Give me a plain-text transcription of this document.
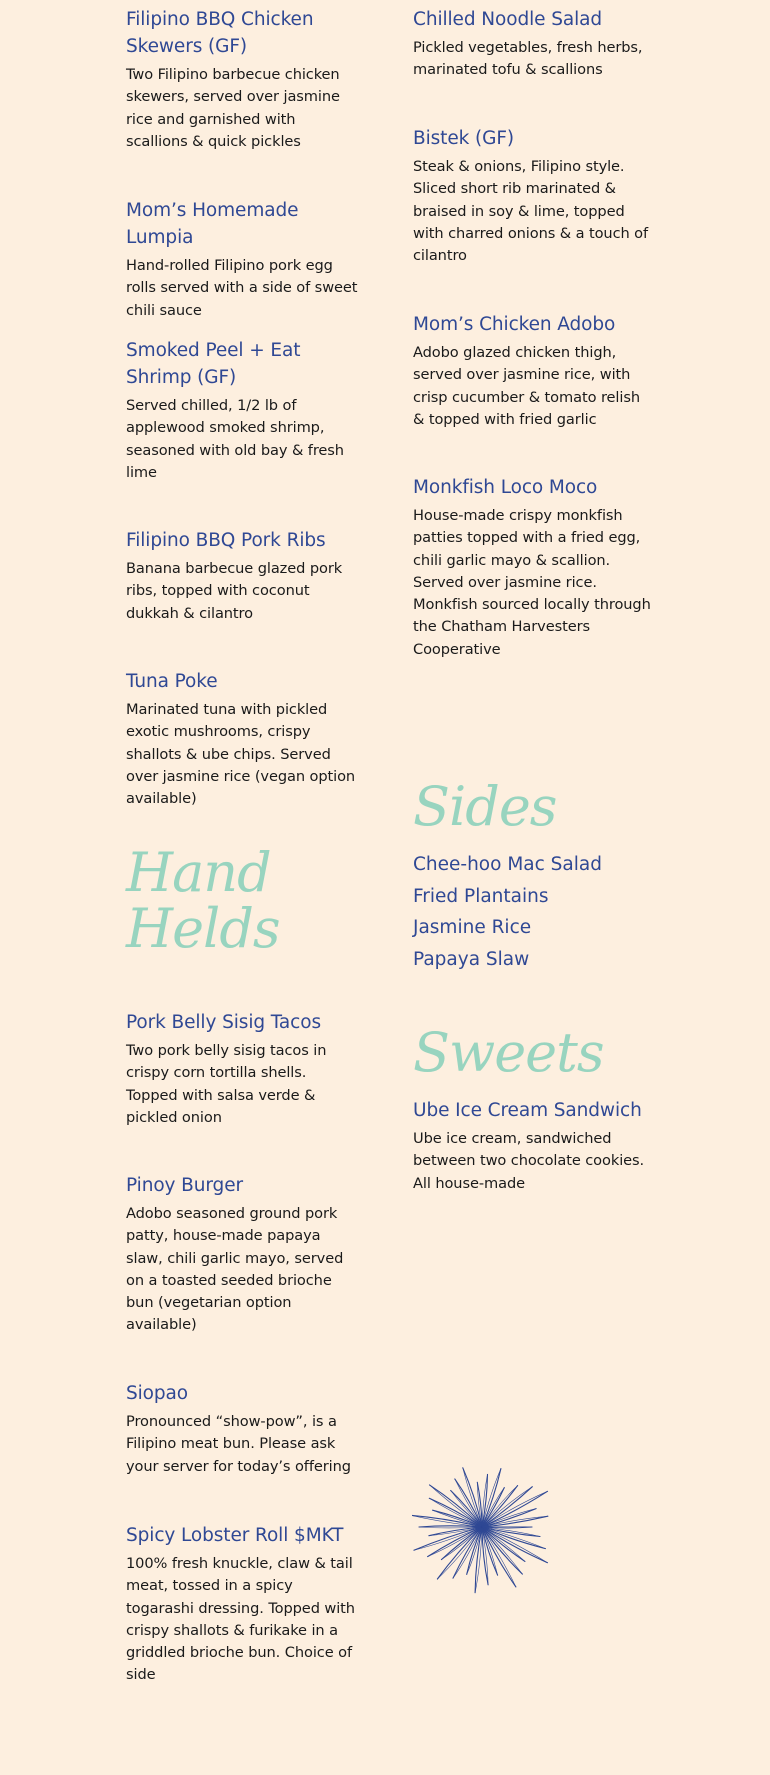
Filipino BBQ Chicken Skewers (GF)
Two Filipino barbecue chicken skewers, served over jasmine rice and garnished with scallions & quick pickles
Mom’s Homemade Lumpia
Hand-rolled Filipino pork egg rolls served with a side of sweet chili sauce
Smoked Peel + Eat Shrimp (GF)
Served chilled, 1/2 lb of applewood smoked shrimp, seasoned with old bay & fresh lime
Filipino BBQ Pork Ribs
Banana barbecue glazed pork ribs, topped with coconut dukkah & cilantro
Tuna Poke
Marinated tuna with pickled exotic mushrooms, crispy shallots & ube chips. Served over jasmine rice (vegan option available)
Hand
Helds
Pork Belly Sisig Tacos
Two pork belly sisig tacos in crispy corn tortilla shells. Topped with salsa verde & pickled onion
Pinoy Burger
Adobo seasoned ground pork patty, house-made papaya slaw, chili garlic mayo, served on a toasted seeded brioche bun (vegetarian option available)
Siopao
Pronounced “show-pow”, is a Filipino meat bun. Please ask your server for today’s offering
Spicy Lobster Roll $MKT
100% fresh knuckle, claw & tail meat, tossed in a spicy togarashi dressing. Topped with crispy shallots & furikake in a griddled brioche bun. Choice of side
Chilled Noodle Salad
Pickled vegetables, fresh herbs, marinated tofu & scallions
Bistek (GF)
Steak & onions, Filipino style. Sliced short rib marinated & braised in soy & lime, topped with charred onions & a touch of cilantro
Mom’s Chicken Adobo
Adobo glazed chicken thigh, served over jasmine rice, with crisp cucumber & tomato relish & topped with fried garlic
Monkfish Loco Moco
House-made crispy monkfish patties topped with a fried egg, chili garlic mayo & scallion. Served over jasmine rice. Monkfish sourced locally through the Chatham Harvesters Cooperative
Sides
Chee-hoo Mac Salad
Fried Plantains
Jasmine Rice
Papaya Slaw
Sweets
Ube Ice Cream Sandwich
Ube ice cream, sandwiched between two chocolate cookies. All house-made
